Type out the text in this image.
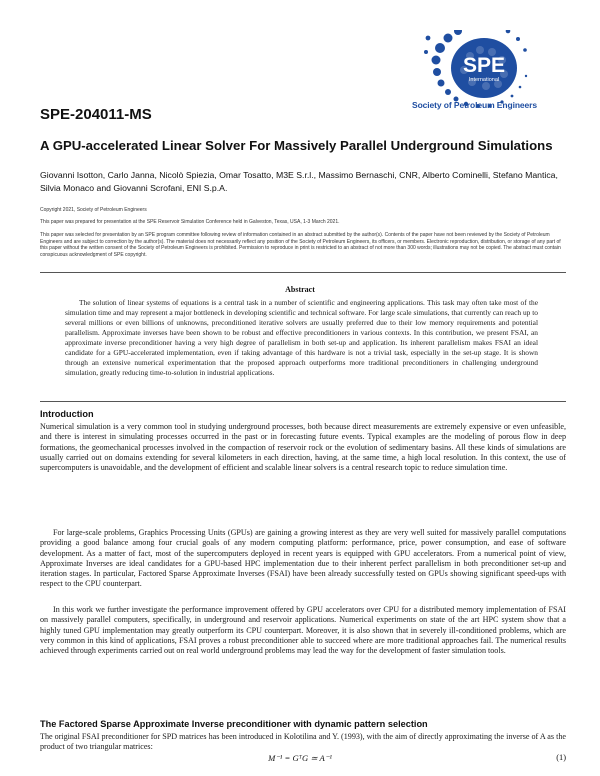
SPE
International
Society of Petroleum Engineers
SPE-204011-MS
A GPU-accelerated Linear Solver For Massively Parallel Underground Simulations
Giovanni Isotton, Carlo Janna, Nicolò Spiezia, Omar Tosatto, M3E S.r.l., Massimo Bernaschi, CNR, Alberto Cominelli, Stefano Mantica, Silvia Monaco and Giovanni Scrofani, ENI S.p.A.
Copyright 2021, Society of Petroleum Engineers
This paper was prepared for presentation at the SPE Reservoir Simulation Conference held in Galveston, Texas, USA, 1-3 March 2021.
This paper was selected for presentation by an SPE program committee following review of information contained in an abstract submitted by the author(s). Contents of the paper have not been reviewed by the Society of Petroleum Engineers and are subject to correction by the author(s). The material does not necessarily reflect any position of the Society of Petroleum Engineers, its officers, or members. Electronic reproduction, distribution, or storage of any part of this paper without the written consent of the Society of Petroleum Engineers is prohibited. Permission to reproduce in print is restricted to an abstract of not more than 300 words; illustrations may not be copied. The abstract must contain conspicuous acknowledgment of SPE copyright.
Abstract

The solution of linear systems of equations is a central task in a number of scientific and engineering applications. This task may often take most of the simulation time and may represent a major bottleneck in developing scientific and technical software. For large scale simulations, that currently can reach up to several millions or even billions of unknowns, preconditioned iterative solvers are usually preferred due to their low memory requirements and potential parallelism. Approximate inverses have been shown to be robust and effective preconditioners in various contexts. In this contribution, we present FSAI, an approximate inverse preconditioner having a very high degree of parallelism in both set-up and application. Its inherent parallelism makes FSAI an ideal candidate for a GPU-accelerated implementation, even if taking advantage of this hardware is not a trivial task, especially in the set-up stage. It is shown through an extensive numerical experimentation that the proposed approach outperforms more traditional preconditioners in challenging underground simulation, greatly reducing time-to-solution in industrial applications.

Introduction

Numerical simulation is a very common tool in studying underground processes, both because direct measurements are extremely expensive or even unfeasible, and there is interest in simulating processes occurred in the past or in forecasting future events. Typical examples are the modeling of porous flow in deep formations, the geomechanical processes involved in the compaction of reservoir rock or the evolution of sedimentary basins. All these kinds of simulations are usually carried out on domains extending for several kilometers in each direction, having, at the same time, a high local resolution. In this context, the use of supercomputers is unavoidable, and the development of efficient and scalable linear solvers is a central research topic to reduce simulation time.

For large-scale problems, Graphics Processing Units (GPUs) are gaining a growing interest as they are very well suited for massively parallel computations providing a good balance among four crucial goals of any modern computing platform: performance, price, power consumption, and ease of software development. As a matter of fact, most of the supercomputers deployed in recent years is equipped with GPU accelerators. From a numerical point of view, Approximate Inverses are ideal candidates for a GPU-based HPC implementation due to their inherent perfect parallelism in both preconditioner set-up and iteration stages. In particular, Factored Sparse Approximate Inverses (FSAI) have been already successfully tested on GPUs showing significant speed-ups with respect to the CPU counterpart.

In this work we further investigate the performance improvement offered by GPU accelerators over CPU for a distributed memory implementation of FSAI on massively parallel computers, specifically, in underground and reservoir applications. Numerical experiments on state of the art HPC system show that a highly tuned GPU implementation may greatly outperform its CPU counterpart. Moreover, it is also shown that in severely ill-conditioned problems, which are very common in this kind of applications, FSAI proves a robust preconditioner able to succeed where are more traditional approaches fail. The numerical results achieved through experiments carried out on real world underground problems may lead the way for the development of faster simulation tools.

The Factored Sparse Approximate Inverse preconditioner with dynamic pattern selection

The original FSAI preconditioner for SPD matrices has been introduced in Kolotilina and Y. (1993), with the aim of directly approximating the inverse of A as the product of two triangular matrices:

M⁻¹ = GᵀG ≃ A⁻¹	(1)
